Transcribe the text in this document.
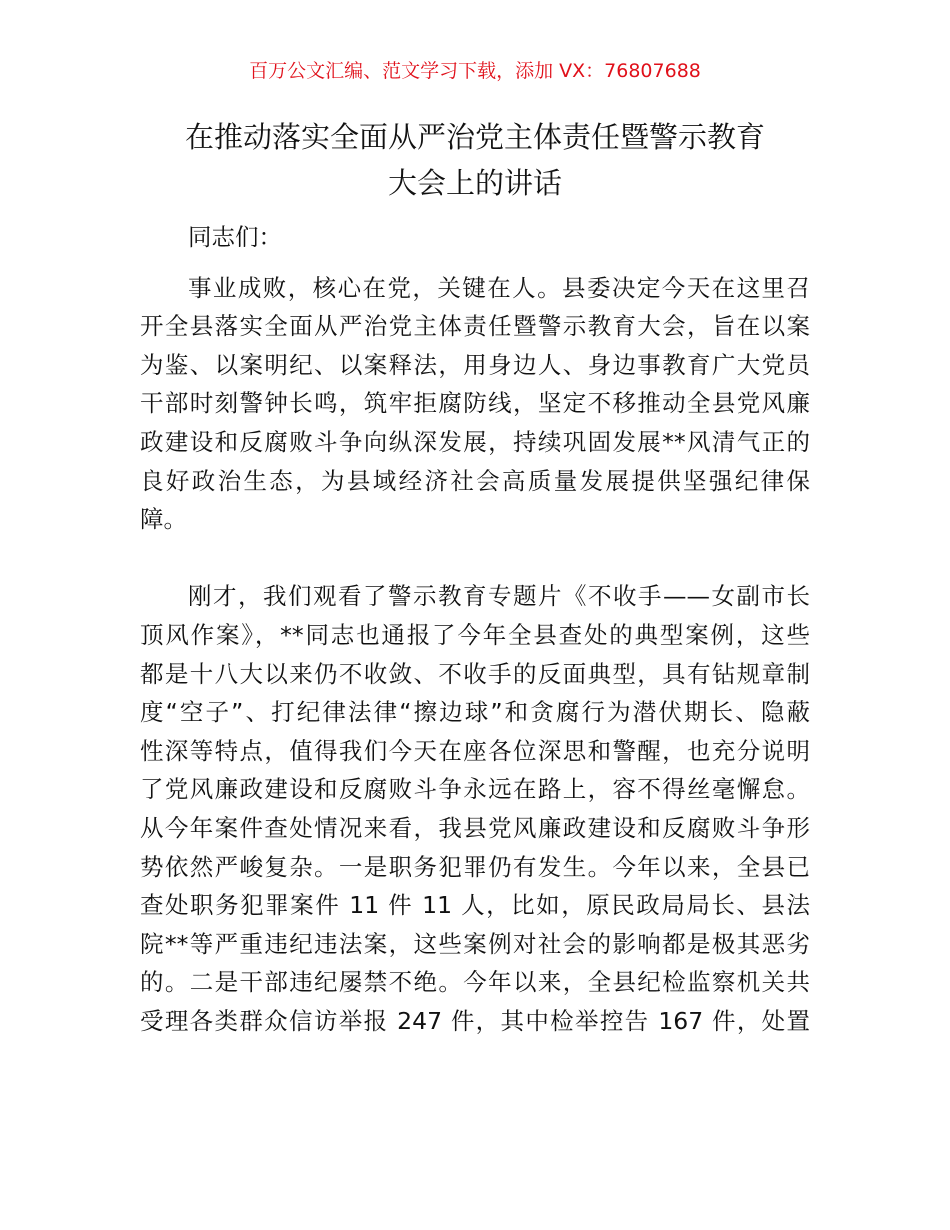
百万公文汇编、范文学习下载，添加 VX：76807688
在推动落实全面从严治党主体责任暨警示教育
大会上的讲话
同志们：
事业成败，核心在党，关键在人。县委决定今天在这里召
开全县落实全面从严治党主体责任暨警示教育大会，旨在以案
为鉴、以案明纪、以案释法，用身边人、身边事教育广大党员
干部时刻警钟长鸣，筑牢拒腐防线，坚定不移推动全县党风廉
政建设和反腐败斗争向纵深发展，持续巩固发展**风清气正的
良好政治生态，为县域经济社会高质量发展提供坚强纪律保
障。
刚才，我们观看了警示教育专题片《不收手——女副市长
顶风作案》，**同志也通报了今年全县查处的典型案例，这些
都是十八大以来仍不收敛、不收手的反面典型，具有钻规章制
度“空子”、打纪律法律“擦边球”和贪腐行为潜伏期长、隐蔽
性深等特点，值得我们今天在座各位深思和警醒，也充分说明
了党风廉政建设和反腐败斗争永远在路上，容不得丝毫懈怠。
从今年案件查处情况来看，我县党风廉政建设和反腐败斗争形
势依然严峻复杂。一是职务犯罪仍有发生。今年以来，全县已
查处职务犯罪案件 11 件 11 人，比如，原民政局局长、县法
院**等严重违纪违法案，这些案例对社会的影响都是极其恶劣
的。二是干部违纪屡禁不绝。今年以来，全县纪检监察机关共
受理各类群众信访举报 247 件，其中检举控告 167 件，处置
